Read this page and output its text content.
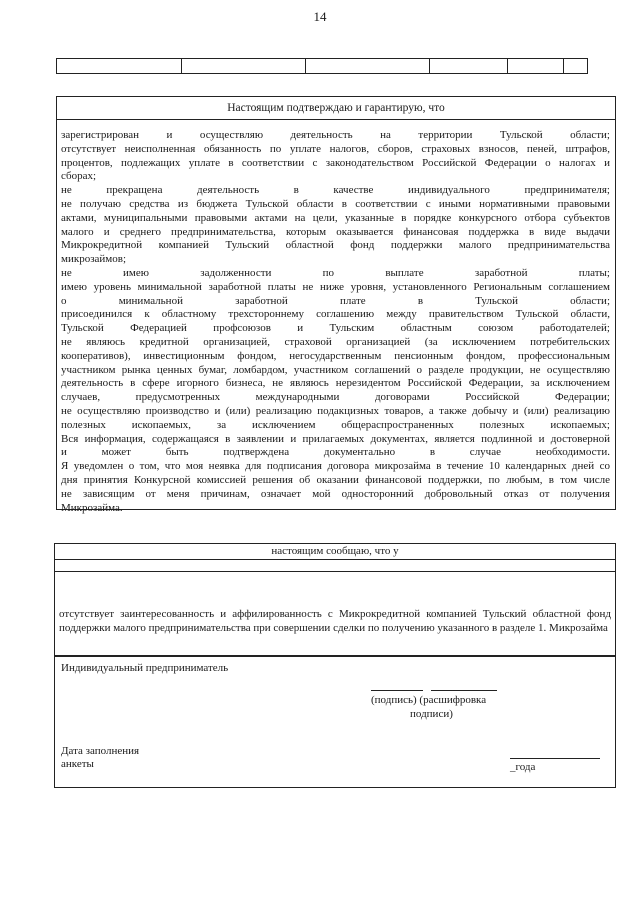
14
Настоящим подтверждаю и гарантирую, что

зарегистрирован и осуществляю деятельность на территории Тульской области;

отсутствует неисполненная обязанность по уплате налогов, сборов, страховых взносов, пеней, штрафов,

процентов, подлежащих уплате в соответствии с законодательством Российской Федерации о налогах и

сборах;

не прекращена деятельность в качестве индивидуального предпринимателя;

не получаю средства из бюджета Тульской области в соответствии с иными нормативными правовыми

актами, муниципальными правовыми актами на цели, указанные в порядке конкурсного отбора субъектов

малого и среднего предпринимательства, которым оказывается финансовая поддержка в виде выдачи

Микрокредитной компанией Тульский областной фонд поддержки малого предпринимательства

микрозаймов;

не имею задолженности по выплате заработной платы;

имею уровень минимальной заработной платы не ниже уровня, установленного Региональным соглашением

о минимальной заработной плате в Тульской области;

присоединился к областному трехстороннему соглашению между правительством Тульской области,

Тульской Федерацией профсоюзов и Тульским областным союзом работодателей;

не являюсь кредитной организацией, страховой организацией (за исключением потребительских

кооперативов), инвестиционным фондом, негосударственным пенсионным фондом, профессиональным

участником рынка ценных бумаг, ломбардом, участником соглашений о разделе продукции, не осуществляю

деятельность в сфере игорного бизнеса, не являюсь нерезидентом Российской Федерации, за исключением

случаев, предусмотренных международными договорами Российской Федерации;

не осуществляю производство и (или) реализацию подакцизных товаров, а также добычу и (или) реализацию

полезных ископаемых, за исключением общераспространенных полезных ископаемых;

Вся информация, содержащаяся в заявлении и прилагаемых документах, является подлинной и достоверной

и может быть подтверждена документально в случае необходимости.

Я уведомлен о том, что моя неявка для подписания договора микрозайма в течение 10 календарных дней со

дня принятия Конкурсной комиссией решения об оказании финансовой поддержки, по любым, в том числе

не зависящим от меня причинам, означает мой односторонний добровольный отказ от получения

Микрозайма.

настоящим сообщаю, что у

отсутствует заинтересованность и аффилированность с Микрокредитной компанией Тульский областной фонд поддержки малого предпринимательства при совершении сделки по получению указанного в разделе 1. Микрозайма

Индивидуальный предприниматель
(подпись) (расшифровка
подписи)
Дата заполнения
анкеты	_года
